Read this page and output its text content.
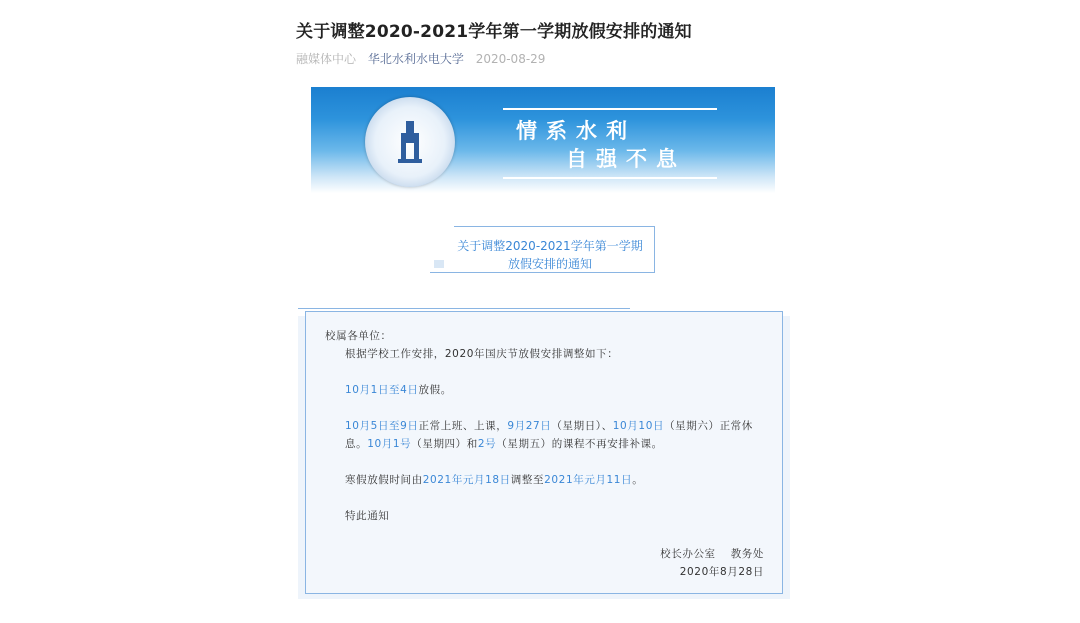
关于调整2020-2021学年第一学期放假安排的通知
融媒体中心 华北水利水电大学 2020-08-29
情系水利
自强不息
关于调整2020-2021学年第一学期
放假安排的通知

校属各单位：

根据学校工作安排，2020年国庆节放假安排调整如下：

10月1日至4日放假。

10月5日至9日正常上班、上课，9月27日（星期日）、10月10日（星期六）正常休息。10月1号（星期四）和2号（星期五）的课程不再安排补课。

寒假放假时间由2021年元月18日调整至2021年元月11日。

特此通知

校长办公室　 教务处
2020年8月28日
